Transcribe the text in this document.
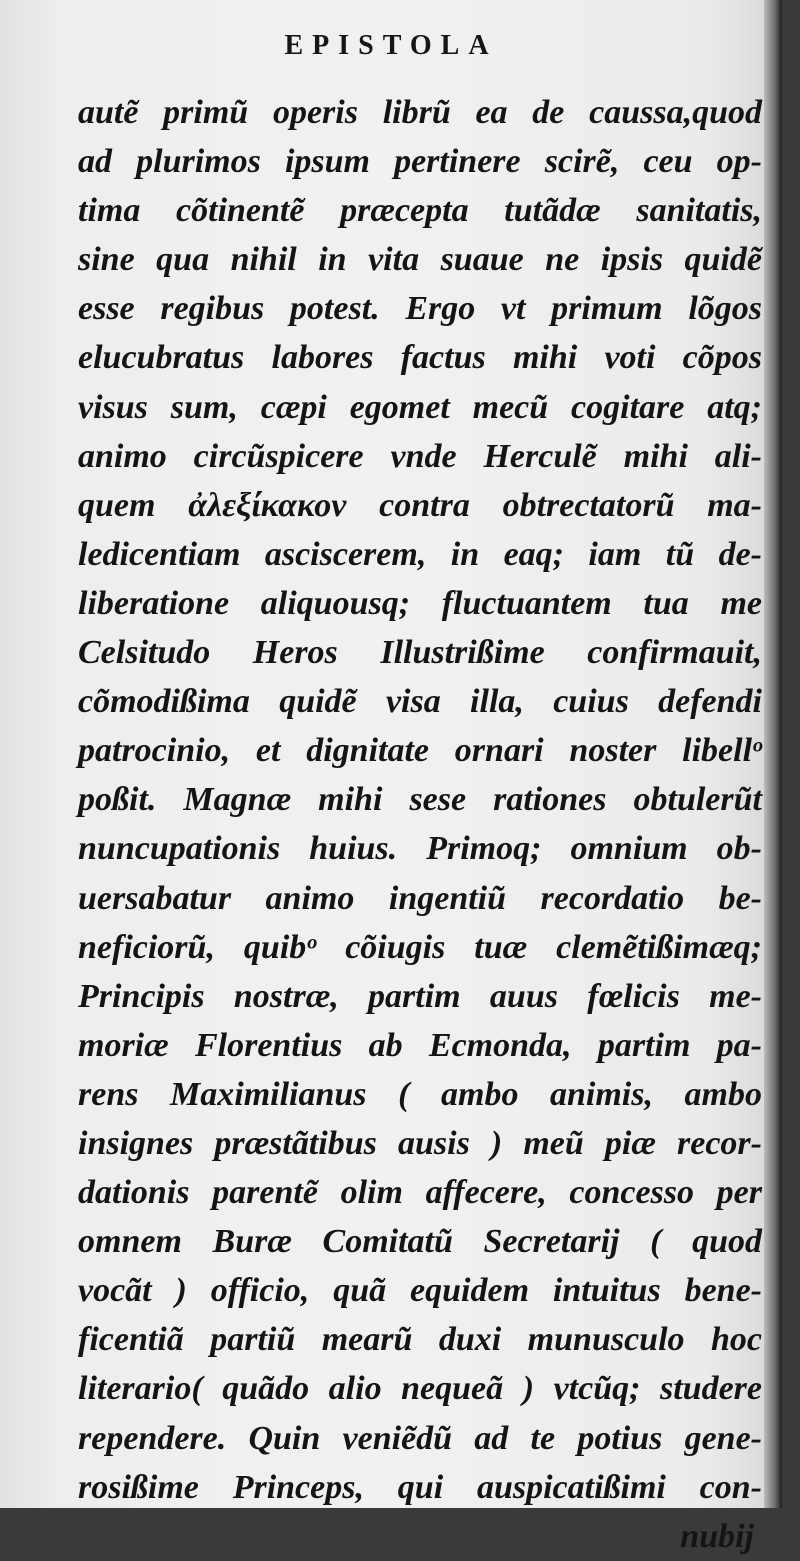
EPISTOLA
autẽ primũ operis librũ ea de caussa,quod
ad plurimos ipsum pertinere scirẽ, ceu op-
tima cõtinentẽ præcepta tutãdæ sanitatis,
sine qua nihil in vita suaue ne ipsis quidẽ
esse regibus potest. Ergo vt primum lõgos
elucubratus labores factus mihi voti cõpos
visus sum, cæpi egomet mecũ cogitare atq;
animo circũspicere vnde Herculẽ mihi ali-
quem ἀλεξίκακον contra obtrectatorũ ma-
ledicentiam asciscerem, in eaq; iam tũ de-
liberatione aliquousq; fluctuantem tua me
Celsitudo Heros Illustrißime confirmauit,
cõmodißima quidẽ visa illa, cuius defendi
patrocinio, et dignitate ornari noster libellᵒ
poßit. Magnæ mihi sese rationes obtulerũt
nuncupationis huius. Primoq; omnium ob-
uersabatur animo ingentiũ recordatio be-
neficiorũ, quibᵒ cõiugis tuæ clemẽtißimæq;
Principis nostræ, partim auus fœlicis me-
moriæ Florentius ab Ecmonda, partim pa-
rens Maximilianus ( ambo animis, ambo
insignes præstãtibus ausis ) meũ piæ recor-
dationis parentẽ olim affecere, concesso per
omnem Buræ Comitatũ Secretarij ( quod
vocãt ) officio, quã equidem intuitus bene-
ficentiã partiũ mearũ duxi munusculo hoc
literario( quãdo alio nequeã ) vtcũq; studere
rependere. Quin veniẽdũ ad te potius gene-
rosißime Princeps, qui auspicatißimi con-
nubij
